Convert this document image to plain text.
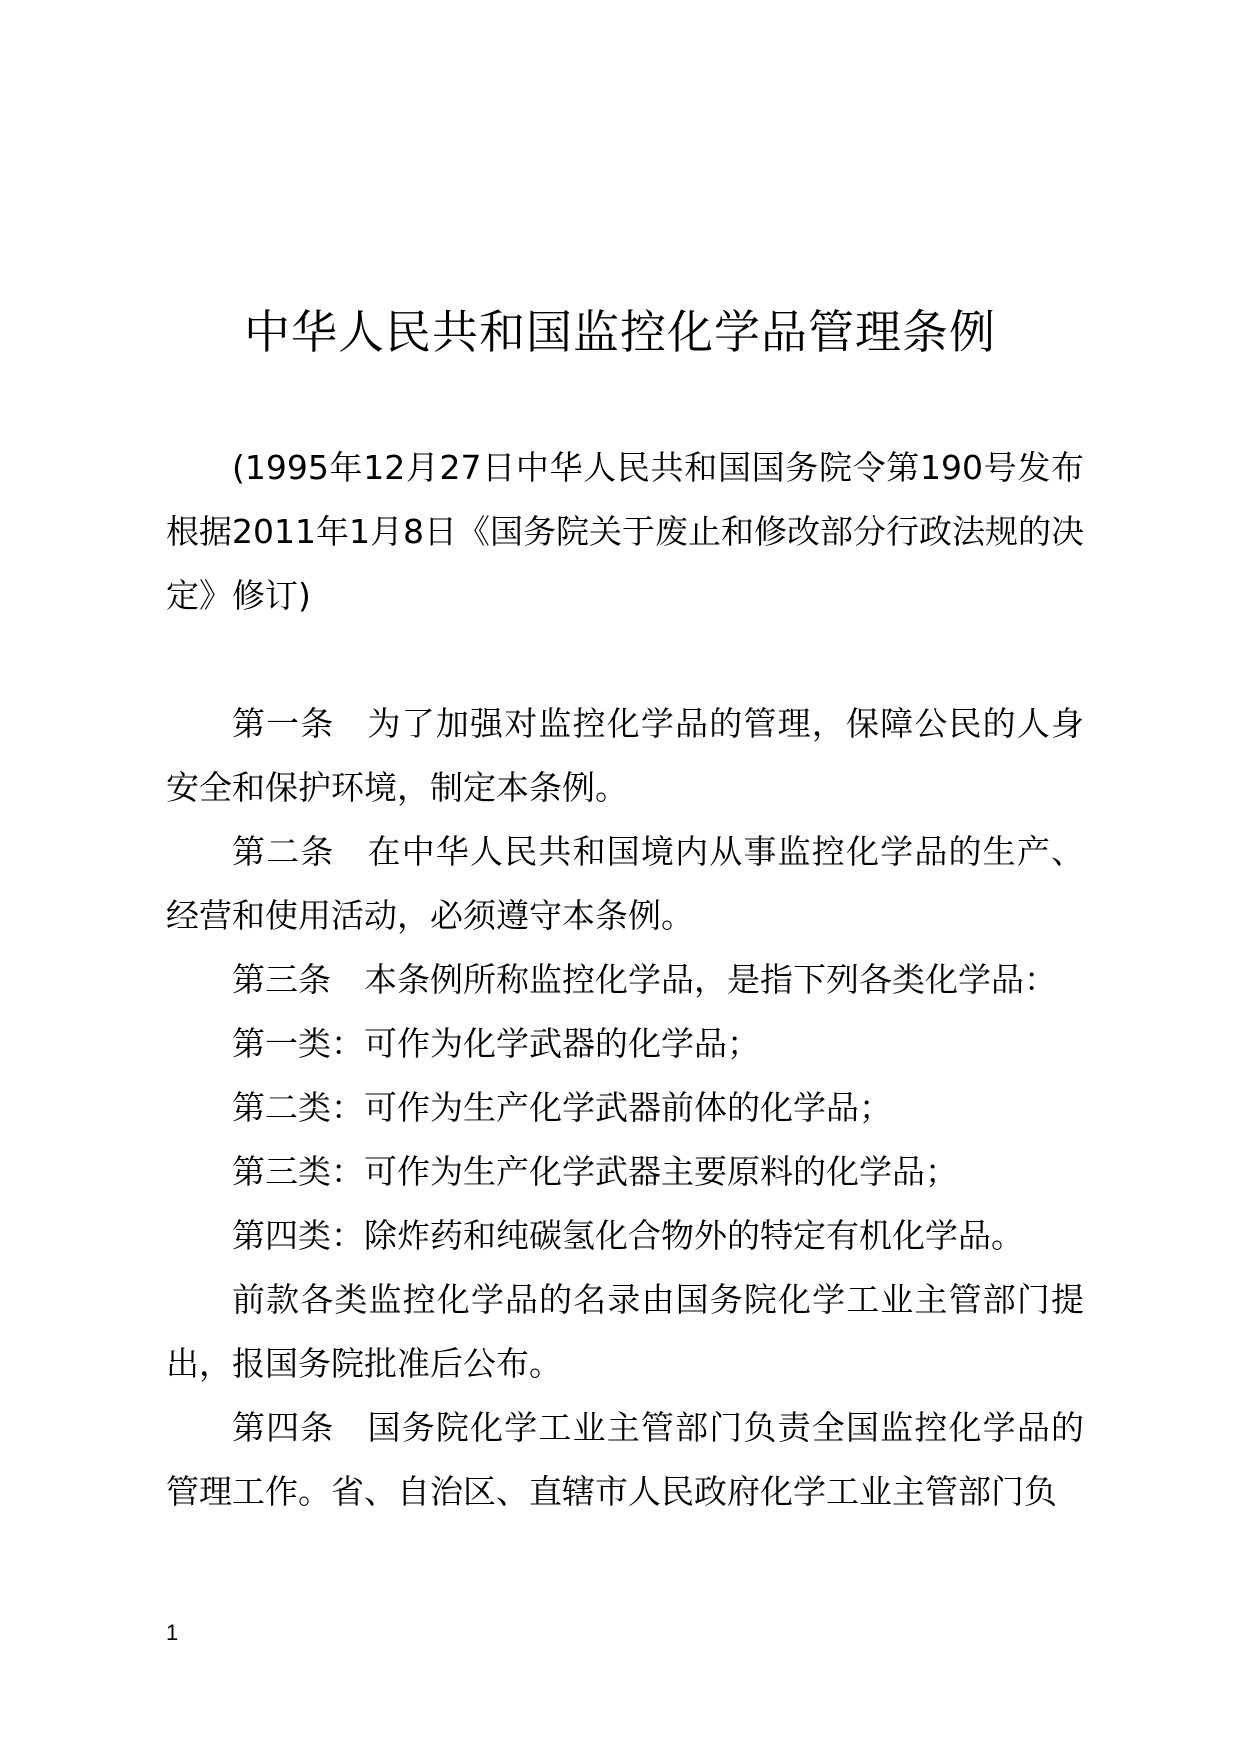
中华人民共和国监控化学品管理条例

(1995年12月27日中华人民共和国国务院令第190号发布 根据2011年1月8日《国务院关于废止和修改部分行政法规的决定》修订)

第一条 为了加强对监控化学品的管理，保障公民的人身安全和保护环境，制定本条例。

第二条 在中华人民共和国境内从事监控化学品的生产、经营和使用活动，必须遵守本条例。

第三条 本条例所称监控化学品，是指下列各类化学品：

第一类：可作为化学武器的化学品；

第二类：可作为生产化学武器前体的化学品；

第三类：可作为生产化学武器主要原料的化学品；

第四类：除炸药和纯碳氢化合物外的特定有机化学品。

前款各类监控化学品的名录由国务院化学工业主管部门提出，报国务院批准后公布。

第四条 国务院化学工业主管部门负责全国监控化学品的管理工作。省、自治区、直辖市人民政府化学工业主管部门负

1
